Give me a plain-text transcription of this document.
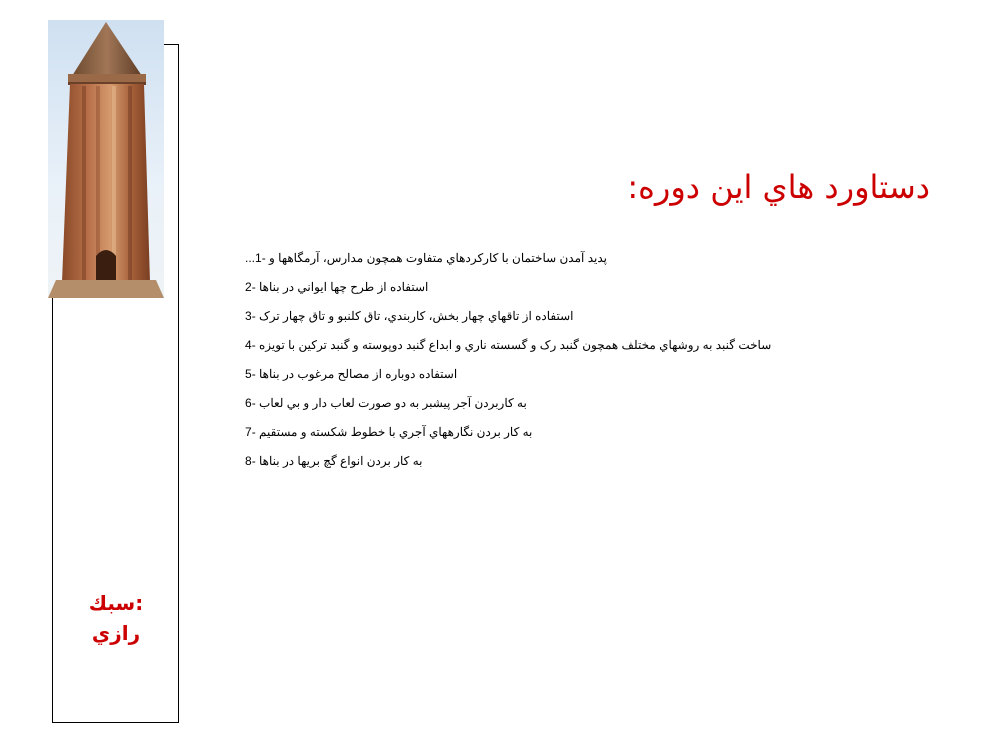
:سبك
رازي
دستاورد هاي اين دوره:
...پديد آمدن ساختمان با كاركردهاي متفاوت همچون مدارس، آرمگاهها و -1
استفاده از طرح چها ايواني در بناها -2
استفاده از تاقهاي چهار بخش، كاربندي، تاق كلنبو و تاق چهار ترک -3
ساخت گنبد به روشهاي مختلف همچون گنبد رک و گسسته ناري و ابداع گنبد دوپوسته و گنبد تركين با تويزه -4
استفاده دوباره از مصالح مرغوب در بناها -5
به كاربردن آجر پيشبر به دو صورت لعاب دار و بي لعاب -6
به كار بردن نگارههاي آجري با خطوط شكسته و مستقيم -7
به كار بردن انواع گچ بريها در بناها -8
